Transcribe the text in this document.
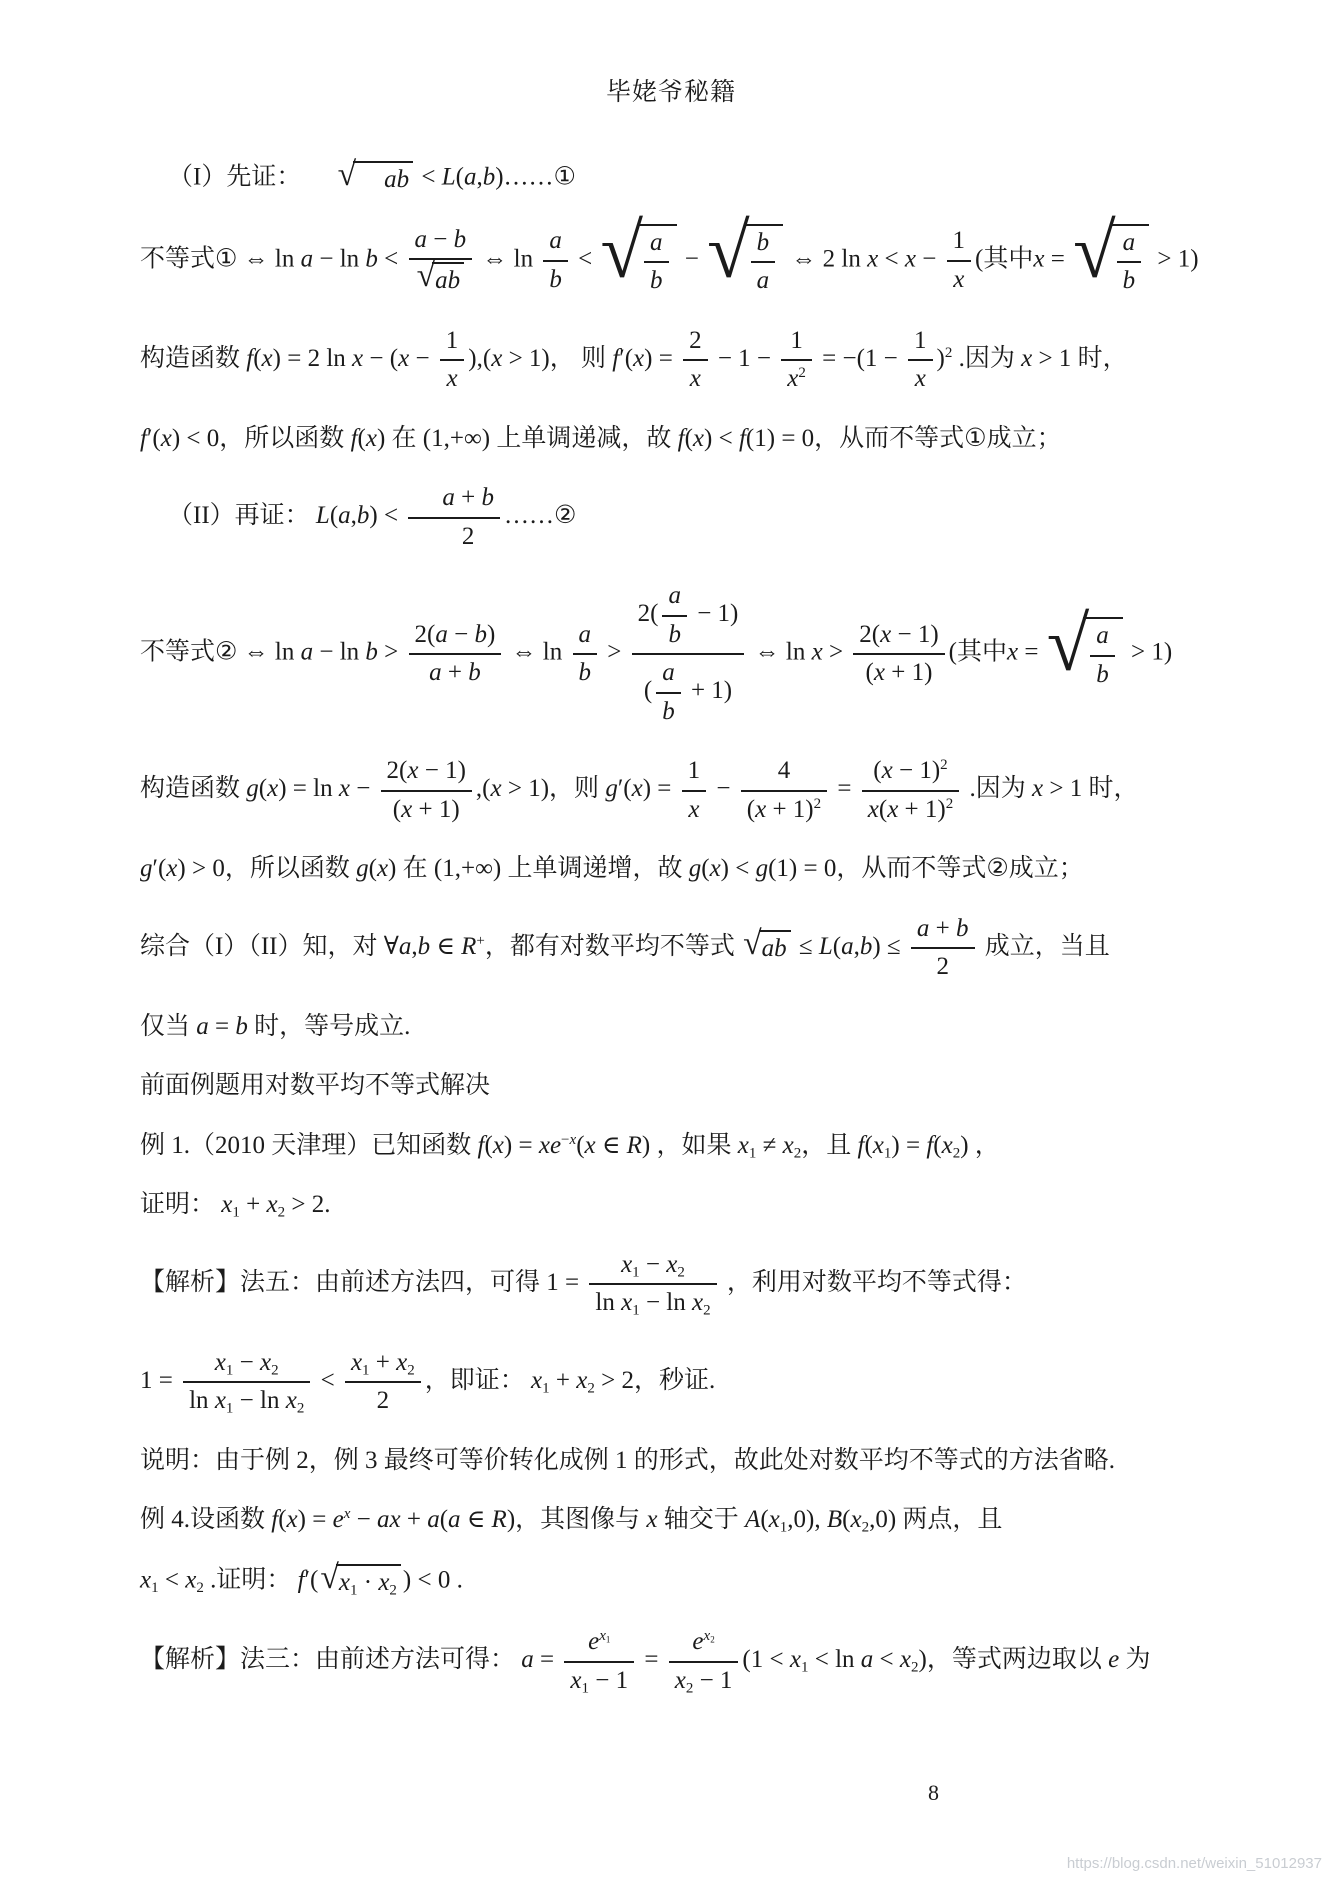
毕姥爷秘籍

（I）先证： √	ab < L(a,b)……①

不等式① ⇔ $\ln a - \ln b < \frac{a - b}{√ ab}$ ⇔ $\ln \frac{a}{b}$ < √ $\frac{a}{b}$ − √ $\frac{b}{a}$ ⇔ 2 $\ln x < x - \frac{1}{x}$ (其中x = √ $\frac{a}{b} > 1$)

构造函数 f(x) = 2 $\ln x - (x - \frac{1}{x} ),(x > 1)$， 则 $f'(x) = \frac{2}{x} - 1 - \frac{1}{x^2} = -(1 - \frac{1}{x} )^2$ .因为 x > 1 时，

f′(x) < 0，所以函数 f(x) 在 (1,+∞) 上单调递减，故 f(x) < f(1) = 0，从而不等式①成立；

（II）再证： $L(a,b) < \frac{a + b}{2}$ ……②

不等式② ⇔ $\ln a - \ln b > \frac{2(a - b)}{a + b}$ ⇔ $\ln \frac{a}{b} > \frac{2( \frac{a}{b} - 1)}{( \frac{a}{b} + 1)}$ ⇔ $\ln x > \frac{2(x - 1)}{(x + 1)}$ (其中x = √ $\frac{a}{b} > 1$)

构造函数 $g(x) = \ln x - \frac{2(x - 1)}{(x + 1)} ,(x > 1)$，则 $g'(x) = \frac{1}{x} - \frac{4}{(x + 1)^2} = \frac{(x - 1)^2}{x(x + 1)^2}$ .因为 x > 1 时，

g′(x) > 0，所以函数 g(x) 在 (1,+∞) 上单调递增，故 g(x) < g(1) = 0，从而不等式②成立；

综合（I）（II）知，对 ∀a,b ∈ R+，都有对数平均不等式 √ ab ≤ $L(a,b) \le \frac{a + b}{2}$ 成立，当且

仅当 a = b 时，等号成立.

前面例题用对数平均不等式解决

例 1.（2010 天津理）已知函数 $f(x) = xe^{-x}(x$ ∈ R) ，如果 $x_1 \ne x_2$，且 $f(x_1) = f(x_2)$ ，

证明： $x_1 + x_2 > 2$.

【解析】法五：由前述方法四，可得 $1 = \frac{x_1 - x_2}{\ln x_1 - \ln x_2}$ ，利用对数平均不等式得：

$1 = \frac{x_1 - x_2}{\ln x_1 - \ln x_2} < \frac{x_1 + x_2}{2}$ ，即证： $x_1 + x_2 > 2$，秒证.

说明：由于例 2，例 3 最终可等价转化成例 1 的形式，故此处对数平均不等式的方法省略.

例 4.设函数 $f(x) = e^x$ − ax + a(a ∈ R)，其图像与 x 轴交于 $A(x_1,0)$, $B(x_2,0)$ 两点，且

$x_1 < x_2$ .证明： f′( √ $x_1 \cdot x_2$ ) < 0 .

【解析】法三：由前述方法可得： $a = \frac{e^{x_1}}{x_1 - 1} = \frac{e^{x_2}}{x_2 - 1} (1 < x_1 < \ln a < x_2)$，等式两边取以 e 为

8
https://blog.csdn.net/weixin_51012937
